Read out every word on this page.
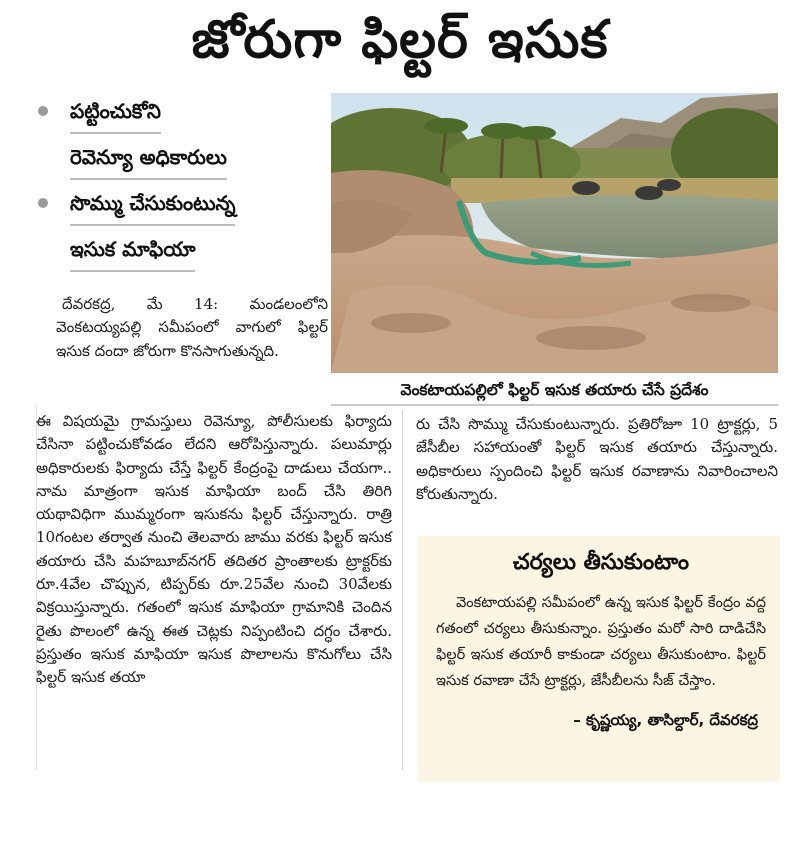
జోరుగా ఫిల్టర్ ఇసుక
పట్టించుకోని
రెవెన్యూ అధికారులు
సొమ్ము చేసుకుంటున్న
ఇసుక మాఫియా
వెంకటాయపల్లిలో ఫిల్టర్ ఇసుక తయారు చేసే ప్రదేశం

దేవరకద్ర, మే 14: మండలంలోని వెంకటయ్యపల్లి సమీపంలో వాగులో ఫిల్టర్ ఇసుక దందా జోరుగా కొనసాగుతున్నది.

ఈ విషయమై గ్రామస్తులు రెవెన్యూ, పోలీసులకు ఫిర్యాదు చేసినా పట్టించుకోవడం లేదని ఆరోపిస్తున్నారు. పలుమార్లు అధికారులకు ఫిర్యాదు చేస్తే ఫిల్టర్ కేంద్రంపై దాడులు చేయగా.. నామ మాత్రంగా ఇసుక మాఫియా బంద్ చేసి తిరిగి యథావిధిగా ముమ్మరంగా ఇసుకను ఫిల్టర్ చేస్తున్నారు. రాత్రి 10గంటల తర్వాత నుంచి తెలవారు జాము వరకు ఫిల్టర్ ఇసుక తయారు చేసి మహబూబ్‌నగర్ తదితర ప్రాంతాలకు ట్రాక్టర్‌కు రూ.4వేల చొప్పున, టిప్పర్‌కు రూ.25వేల నుంచి 30వేలకు విక్రయిస్తున్నారు. గతంలో ఇసుక మాఫియా గ్రామానికి చెందిన రైతు పొలంలో ఉన్న ఈత చెట్లకు నిప్పంటించి దగ్ధం చేశారు. ప్రస్తుతం ఇసుక మాఫియా ఇసుక పొలాలను కొనుగోలు చేసి ఫిల్టర్ ఇసుక తయా

రు చేసి సొమ్ము చేసుకుంటున్నారు. ప్రతిరోజూ 10 ట్రాక్టర్లు, 5 జేసీబీల సహాయంతో ఫిల్టర్ ఇసుక తయారు చేస్తున్నారు. అధికారులు స్పందించి ఫిల్టర్ ఇసుక రవాణాను నివారించాలని కోరుతున్నారు.

చర్యలు తీసుకుంటాం
వెంకటాయపల్లి సమీపంలో ఉన్న ఇసుక ఫిల్టర్ కేంద్రం వద్ద గతంలో చర్యలు తీసుకున్నాం. ప్రస్తుతం మరో సారి దాడిచేసి ఫిల్టర్ ఇసుక తయారీ కాకుండా చర్యలు తీసుకుంటాం. ఫిల్టర్ ఇసుక రవాణా చేసే ట్రాక్టర్లు, జేసీబీలను సీజ్ చేస్తాం.
– కృష్ణయ్య, తాసిల్దార్, దేవరకద్ర
